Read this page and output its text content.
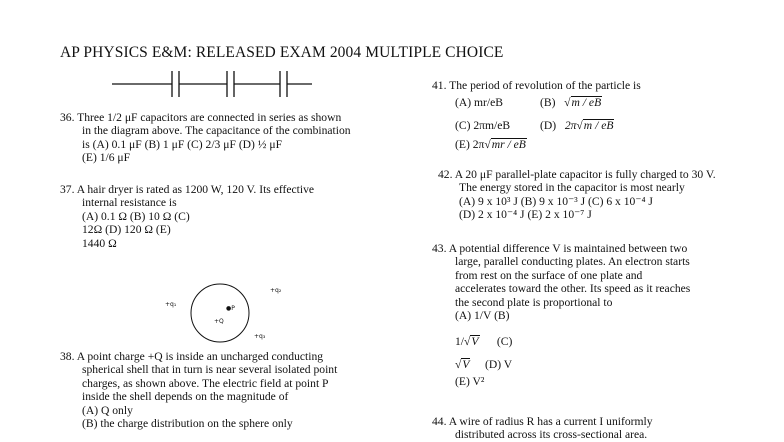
AP PHYSICS E&M: RELEASED EXAM 2004 MULTIPLE CHOICE
36. Three 1/2 μF capacitors are connected in series as shown
in the diagram above. The capacitance of the combination
is (A) 0.1 μF (B) 1 μF (C) 2/3 μF (D) ½ μF
(E) 1/6 μF
37. A hair dryer is rated as 1200 W, 120 V. Its effective
internal resistance is
(A) 0.1 Ω (B) 10 Ω (C)
12Ω (D) 120 Ω (E)
1440 Ω
+q₁
+q₂
+q₃
+Q
●P
38. A point charge +Q is inside an uncharged conducting
spherical shell that in turn is near several isolated point
charges, as shown above. The electric field at point P
inside the shell depends on the magnitude of
(A) Q only
(B) the charge distribution on the sphere only
41. The period of revolution of the particle is
(A) mr/eB	(B)   √m / eB
(C) 2πm/eB	(D) 2π√m / eB
(E) 2π√mr / eB
42. A 20 μF parallel-plate capacitor is fully charged to 30 V.
The energy stored in the capacitor is most nearly
(A) 9 x 10³ J (B) 9 x 10⁻³ J (C) 6 x 10⁻⁴ J
(D) 2 x 10⁻⁴ J (E) 2 x 10⁻⁷ J
43. A potential difference V is maintained between two
large, parallel conducting plates. An electron starts
from rest on the surface of one plate and
accelerates toward the other. Its speed as it reaches
the second plate is proportional to
(A) 1/V (B)
1/√V (C)
√V (D) V
(E) V²
44. A wire of radius R has a current I uniformly
distributed across its cross-sectional area.
